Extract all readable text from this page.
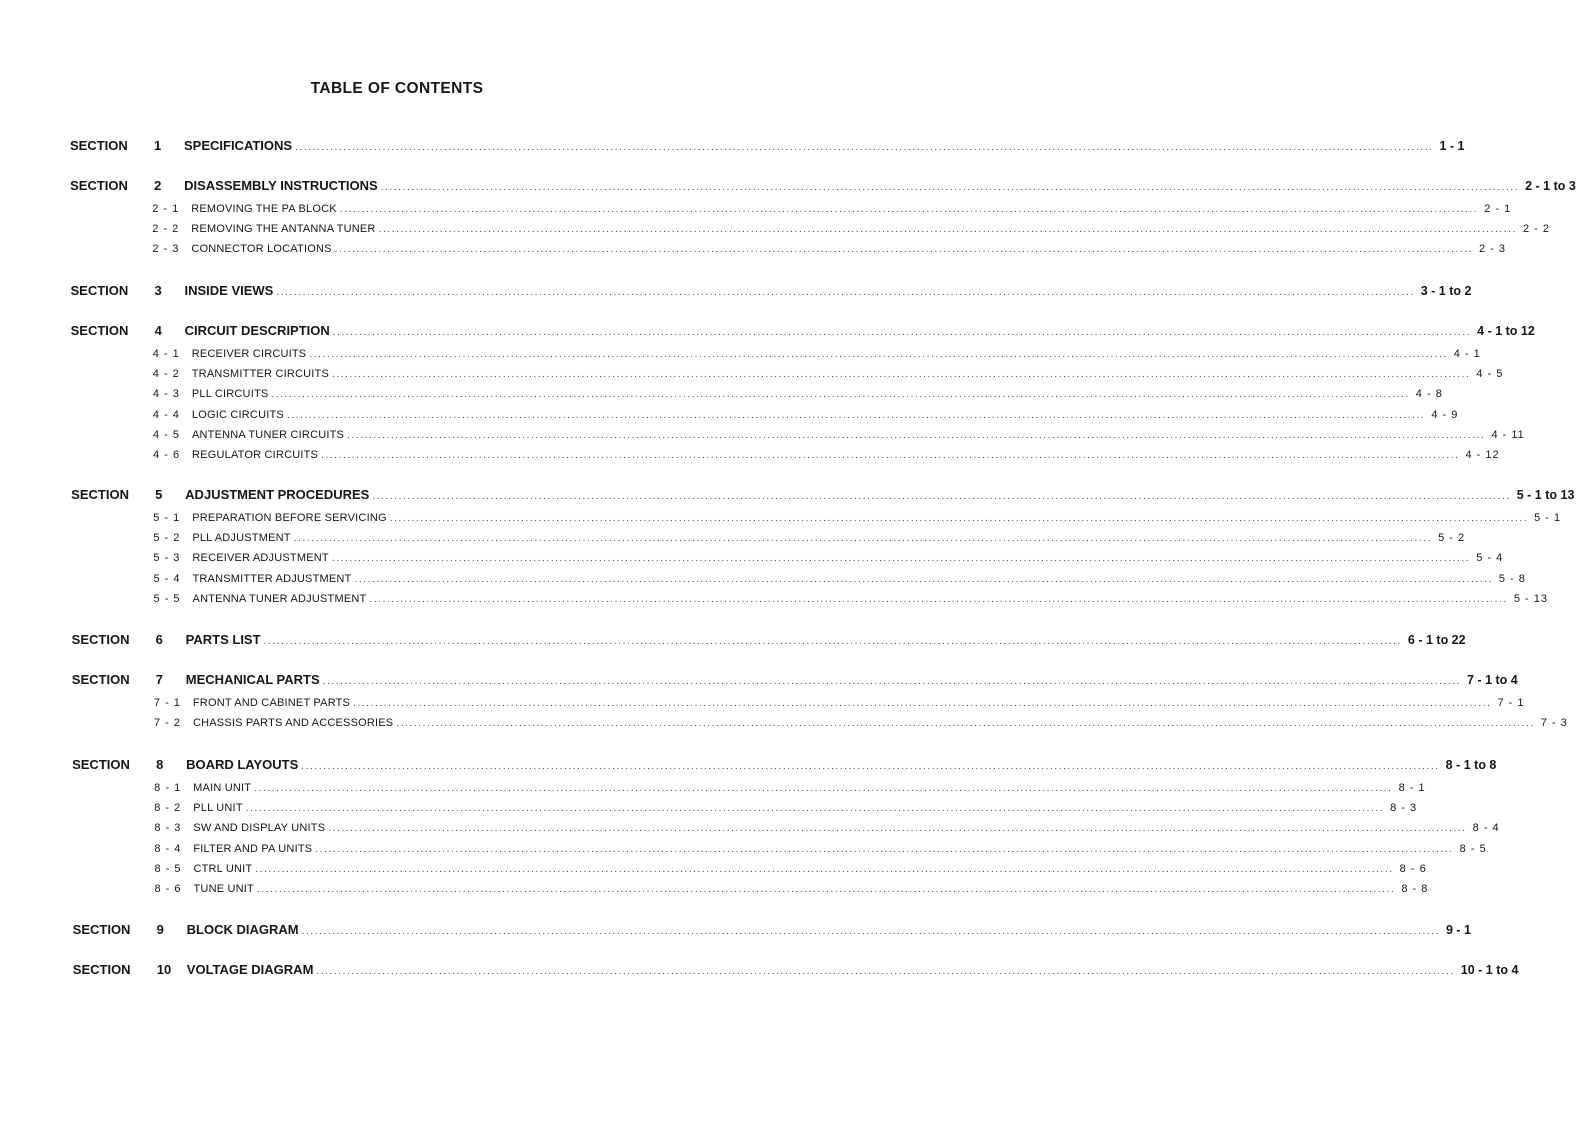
TABLE OF CONTENTS
SECTION	1	SPECIFICATIONS .................................................................................................................................................................................................................................................................... 1 - 1
SECTION	2	DISASSEMBLY INSTRUCTIONS .................................................................................................................................................................................................................................................................... 2 - 1 to 3
2 - 1	REMOVING THE PA BLOCK .................................................................................................................................................................................................................................................................... 2 - 1
2 - 2	REMOVING THE ANTANNA TUNER .................................................................................................................................................................................................................................................................... 2 - 2
2 - 3	CONNECTOR LOCATIONS .................................................................................................................................................................................................................................................................... 2 - 3
SECTION	3	INSIDE VIEWS .................................................................................................................................................................................................................................................................... 3 - 1 to 2
SECTION	4	CIRCUIT DESCRIPTION .................................................................................................................................................................................................................................................................... 4 - 1 to 12
4 - 1	RECEIVER CIRCUITS .................................................................................................................................................................................................................................................................... 4 - 1
4 - 2	TRANSMITTER CIRCUITS .................................................................................................................................................................................................................................................................... 4 - 5
4 - 3	PLL CIRCUITS .................................................................................................................................................................................................................................................................... 4 - 8
4 - 4	LOGIC CIRCUITS .................................................................................................................................................................................................................................................................... 4 - 9
4 - 5	ANTENNA TUNER CIRCUITS .................................................................................................................................................................................................................................................................... 4 - 11
4 - 6	REGULATOR CIRCUITS .................................................................................................................................................................................................................................................................... 4 - 12
SECTION	5	ADJUSTMENT PROCEDURES .................................................................................................................................................................................................................................................................... 5 - 1 to 13
5 - 1	PREPARATION BEFORE SERVICING .................................................................................................................................................................................................................................................................... 5 - 1
5 - 2	PLL ADJUSTMENT .................................................................................................................................................................................................................................................................... 5 - 2
5 - 3	RECEIVER ADJUSTMENT .................................................................................................................................................................................................................................................................... 5 - 4
5 - 4	TRANSMITTER ADJUSTMENT .................................................................................................................................................................................................................................................................... 5 - 8
5 - 5	ANTENNA TUNER ADJUSTMENT .................................................................................................................................................................................................................................................................... 5 - 13
SECTION	6	PARTS LIST .................................................................................................................................................................................................................................................................... 6 - 1 to 22
SECTION	7	MECHANICAL PARTS .................................................................................................................................................................................................................................................................... 7 - 1 to 4
7 - 1	FRONT AND CABINET PARTS .................................................................................................................................................................................................................................................................... 7 - 1
7 - 2	CHASSIS PARTS AND ACCESSORIES .................................................................................................................................................................................................................................................................... 7 - 3
SECTION	8	BOARD LAYOUTS .................................................................................................................................................................................................................................................................... 8 - 1 to 8
8 - 1	MAIN UNIT .................................................................................................................................................................................................................................................................... 8 - 1
8 - 2	PLL UNIT .................................................................................................................................................................................................................................................................... 8 - 3
8 - 3	SW AND DISPLAY UNITS .................................................................................................................................................................................................................................................................... 8 - 4
8 - 4	FILTER AND PA UNITS .................................................................................................................................................................................................................................................................... 8 - 5
8 - 5	CTRL UNIT .................................................................................................................................................................................................................................................................... 8 - 6
8 - 6	TUNE UNIT .................................................................................................................................................................................................................................................................... 8 - 8
SECTION	9	BLOCK DIAGRAM .................................................................................................................................................................................................................................................................... 9 - 1
SECTION	10	VOLTAGE DIAGRAM .................................................................................................................................................................................................................................................................... 10 - 1 to 4
